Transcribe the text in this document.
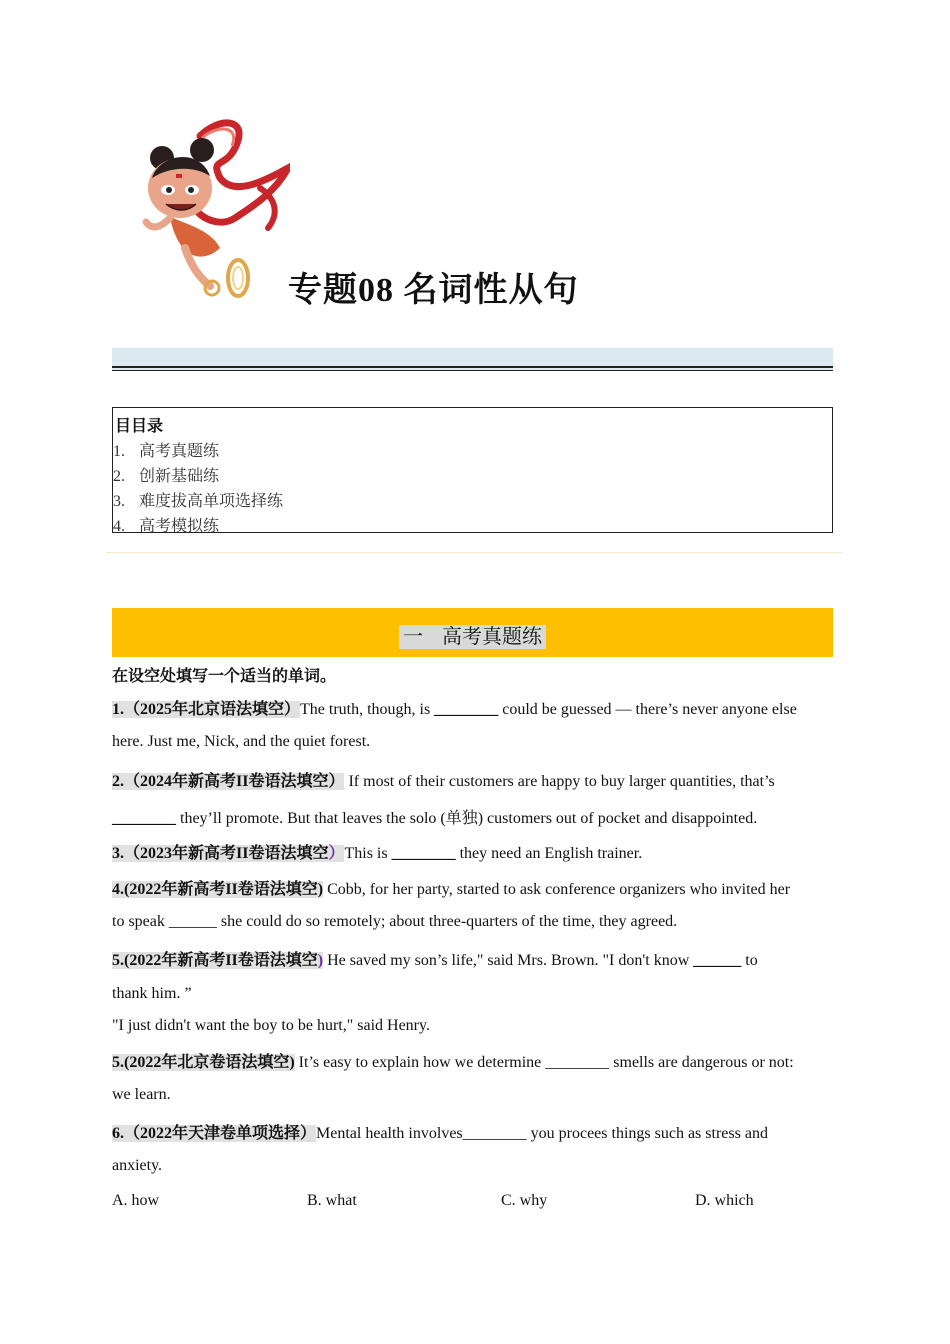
专题08 名词性从句
目目录
1. 高考真题练
2. 创新基础练
3. 难度拔高单项选择练
4. 高考模拟练
一 高考真题练
在设空处填写一个适当的单词。
1.（2025年北京语法填空）The truth, though, is ________ could be guessed — there’s never anyone else
here. Just me, Nick, and the quiet forest.
2.（2024年新高考II卷语法填空） If most of their customers are happy to buy larger quantities, that’s
________ they’ll promote. But that leaves the solo (单独) customers out of pocket and disappointed.
3.（2023年新高考II卷语法填空）This is ________ they need an English trainer.
4.(2022年新高考II卷语法填空) Cobb, for her party, started to ask conference organizers who invited her
to speak ______ she could do so remotely; about three-quarters of the time, they agreed.
5.(2022年新高考II卷语法填空) He saved my son’s life," said Mrs. Brown. "I don't know ______ to
thank him. ”
"I just didn't want the boy to be hurt," said Henry.
5.(2022年北京卷语法填空) It’s easy to explain how we determine ________ smells are dangerous or not:
we learn.
6.（2022年天津卷单项选择）Mental health involves________ you procees things such as stress and
anxiety.
A. how	B. what	C. why	D. which
